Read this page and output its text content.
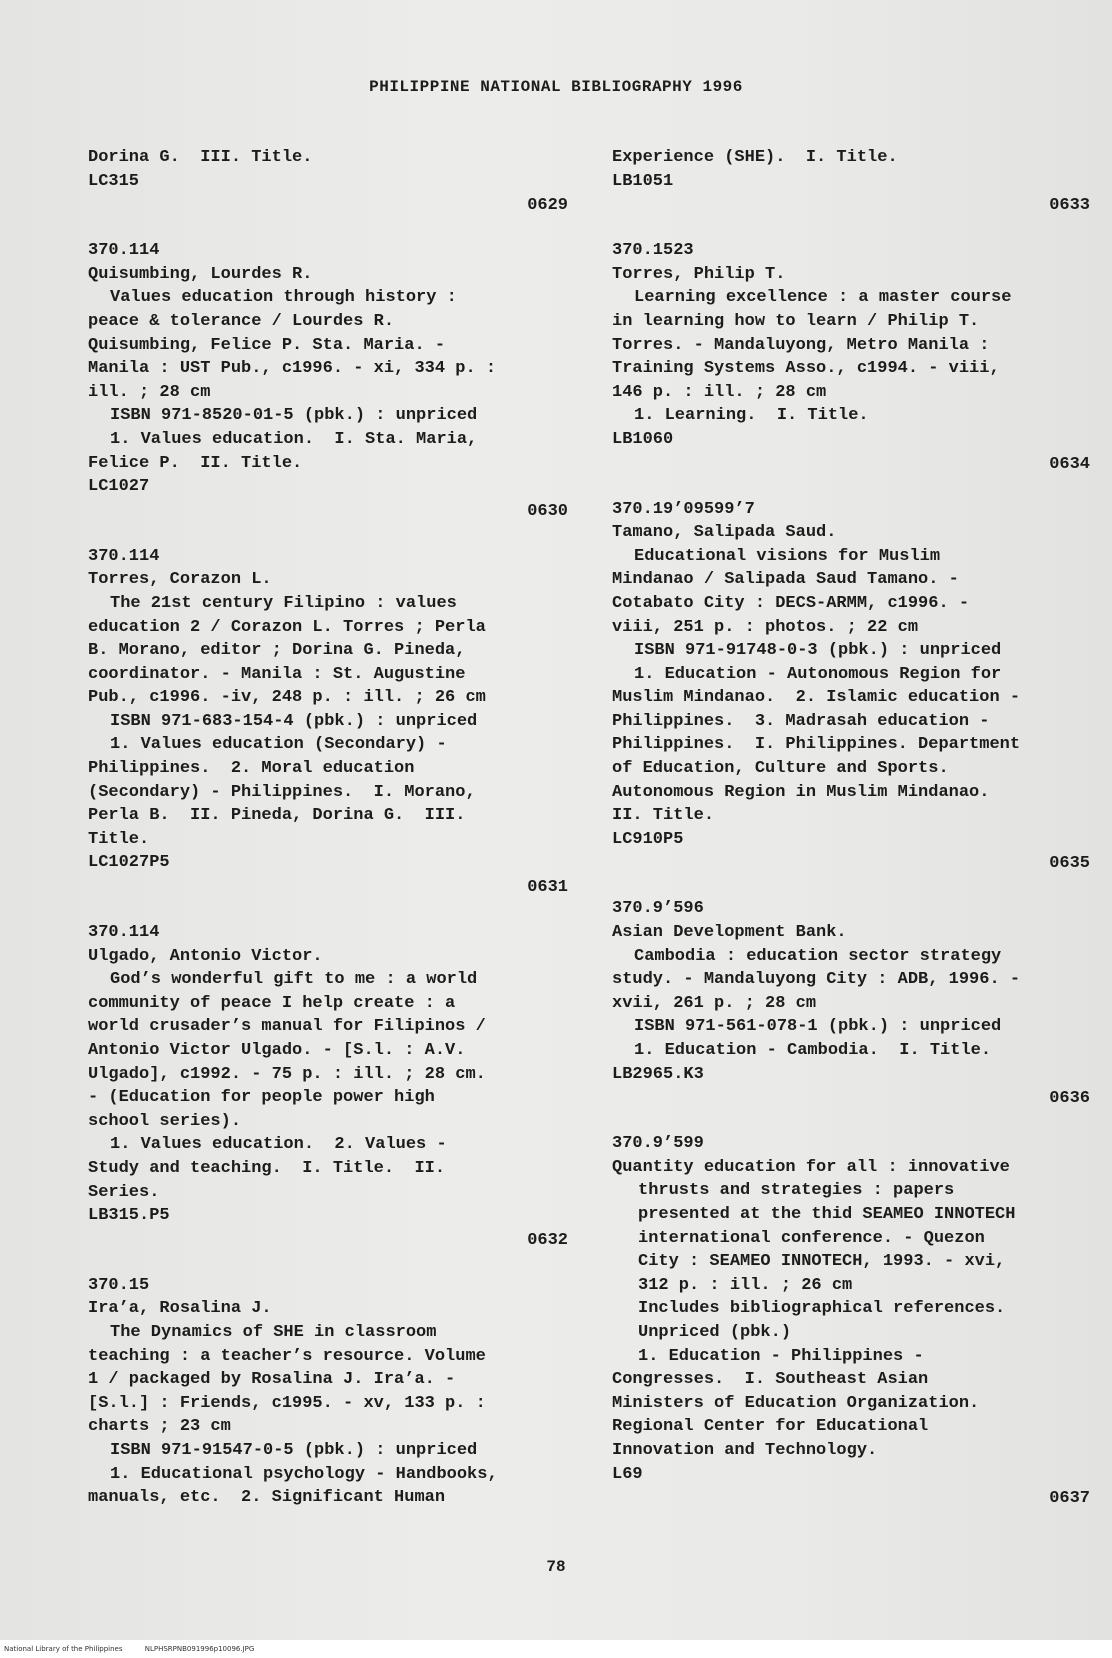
PHILIPPINE NATIONAL BIBLIOGRAPHY 1996
Dorina G.  III. Title.
LC315
0629
370.114
Quisumbing, Lourdes R.
Values education through history :
peace & tolerance / Lourdes R.
Quisumbing, Felice P. Sta. Maria. -
Manila : UST Pub., c1996. - xi, 334 p. :
ill. ; 28 cm
ISBN 971-8520-01-5 (pbk.) : unpriced
1. Values education.  I. Sta. Maria,
Felice P.  II. Title.
LC1027
0630
370.114
Torres, Corazon L.
The 21st century Filipino : values
education 2 / Corazon L. Torres ; Perla
B. Morano, editor ; Dorina G. Pineda,
coordinator. - Manila : St. Augustine
Pub., c1996. -iv, 248 p. : ill. ; 26 cm
ISBN 971-683-154-4 (pbk.) : unpriced
1. Values education (Secondary) -
Philippines.  2. Moral education
(Secondary) - Philippines.  I. Morano,
Perla B.  II. Pineda, Dorina G.  III.
Title.
LC1027P5
0631
370.114
Ulgado, Antonio Victor.
God’s wonderful gift to me : a world
community of peace I help create : a
world crusader’s manual for Filipinos /
Antonio Victor Ulgado. - [S.l. : A.V.
Ulgado], c1992. - 75 p. : ill. ; 28 cm.
- (Education for people power high
school series).
1. Values education.  2. Values -
Study and teaching.  I. Title.  II.
Series.
LB315.P5
0632
370.15
Ira’a, Rosalina J.
The Dynamics of SHE in classroom
teaching : a teacher’s resource. Volume
1 / packaged by Rosalina J. Ira’a. -
[S.l.] : Friends, c1995. - xv, 133 p. :
charts ; 23 cm
ISBN 971-91547-0-5 (pbk.) : unpriced
1. Educational psychology - Handbooks,
manuals, etc.  2. Significant Human
Experience (SHE).  I. Title.
LB1051
0633
370.1523
Torres, Philip T.
Learning excellence : a master course
in learning how to learn / Philip T.
Torres. - Mandaluyong, Metro Manila :
Training Systems Asso., c1994. - viii,
146 p. : ill. ; 28 cm
1. Learning.  I. Title.
LB1060
0634
370.19’09599’7
Tamano, Salipada Saud.
Educational visions for Muslim
Mindanao / Salipada Saud Tamano. -
Cotabato City : DECS-ARMM, c1996. -
viii, 251 p. : photos. ; 22 cm
ISBN 971-91748-0-3 (pbk.) : unpriced
1. Education - Autonomous Region for
Muslim Mindanao.  2. Islamic education -
Philippines.  3. Madrasah education -
Philippines.  I. Philippines. Department
of Education, Culture and Sports.
Autonomous Region in Muslim Mindanao.
II. Title.
LC910P5
0635
370.9’596
Asian Development Bank.
Cambodia : education sector strategy
study. - Mandaluyong City : ADB, 1996. -
xvii, 261 p. ; 28 cm
ISBN 971-561-078-1 (pbk.) : unpriced
1. Education - Cambodia.  I. Title.
LB2965.K3
0636
370.9’599
Quantity education for all : innovative
thrusts and strategies : papers
presented at the thid SEAMEO INNOTECH
international conference. - Quezon
City : SEAMEO INNOTECH, 1993. - xvi,
312 p. : ill. ; 26 cm
Includes bibliographical references.
Unpriced (pbk.)
1. Education - Philippines -
Congresses.  I. Southeast Asian
Ministers of Education Organization.
Regional Center for Educational
Innovation and Technology.
L69
0637
78
National Library of the Philippines	NLPHSRPNB091996p10096.JPG
